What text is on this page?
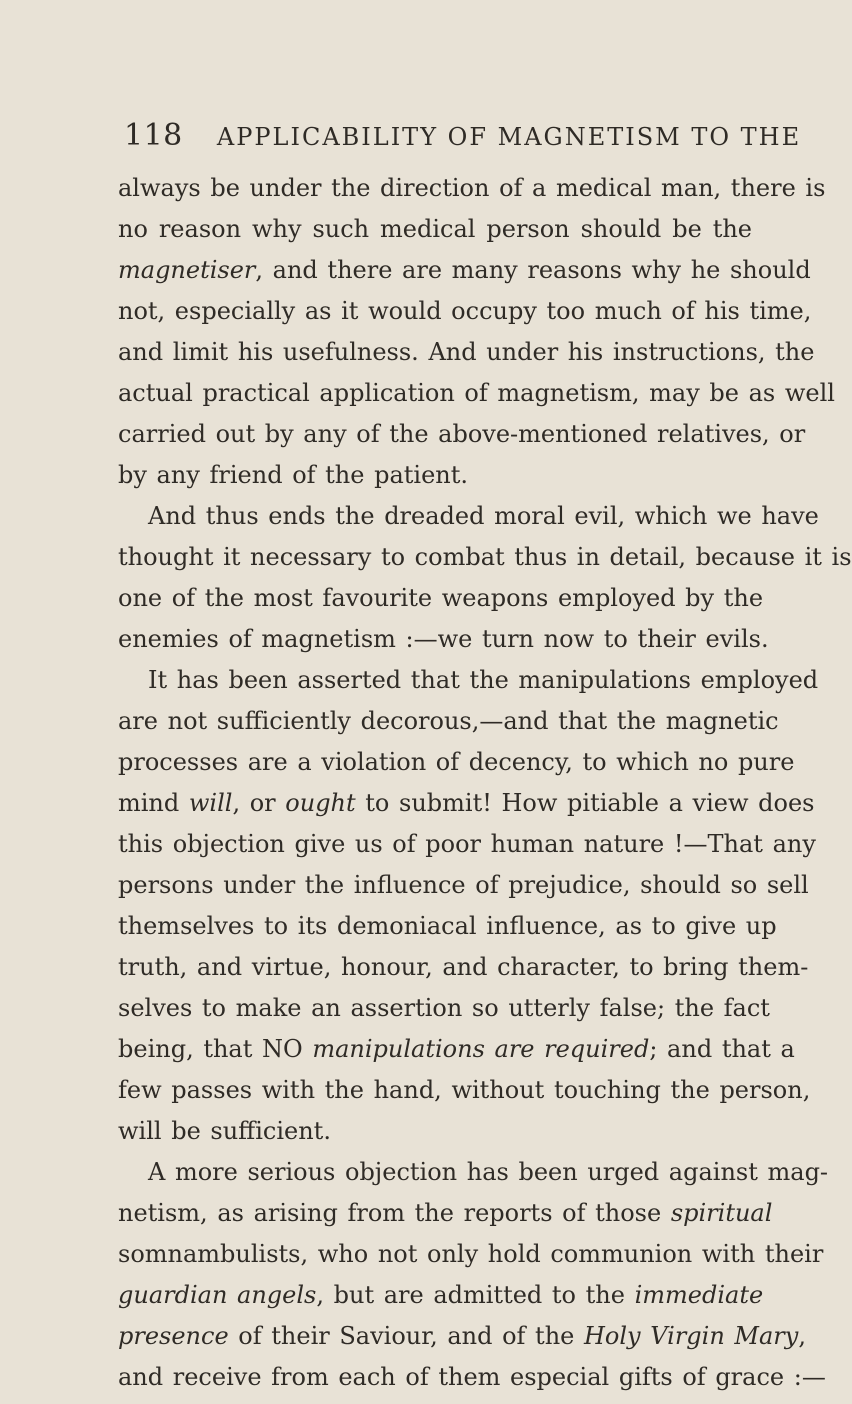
118 APPLICABILITY OF MAGNETISM TO THE
always be under the direction of a medical man, there is
no reason why such medical person should be the
magnetiser, and there are many reasons why he should
not, especially as it would occupy too much of his time,
and limit his usefulness. And under his instructions, the
actual practical application of magnetism, may be as well
carried out by any of the above-mentioned relatives, or
by any friend of the patient.
And thus ends the dreaded moral evil, which we have
thought it necessary to combat thus in detail, because it is
one of the most favourite weapons employed by the
enemies of magnetism :—we turn now to their evils.
It has been asserted that the manipulations employed
are not sufficiently decorous,—and that the magnetic
processes are a violation of decency, to which no pure
mind will, or ought to submit! How pitiable a view does
this objection give us of poor human nature !—That any
persons under the influence of prejudice, should so sell
themselves to its demoniacal influence, as to give up
truth, and virtue, honour, and character, to bring them-
selves to make an assertion so utterly false; the fact
being, that NO manipulations are required; and that a
few passes with the hand, without touching the person,
will be sufficient.
A more serious objection has been urged against mag-
netism, as arising from the reports of those spiritual
somnambulists, who not only hold communion with their
guardian angels, but are admitted to the immediate
presence of their Saviour, and of the Holy Virgin Mary,
and receive from each of them especial gifts of grace :—
